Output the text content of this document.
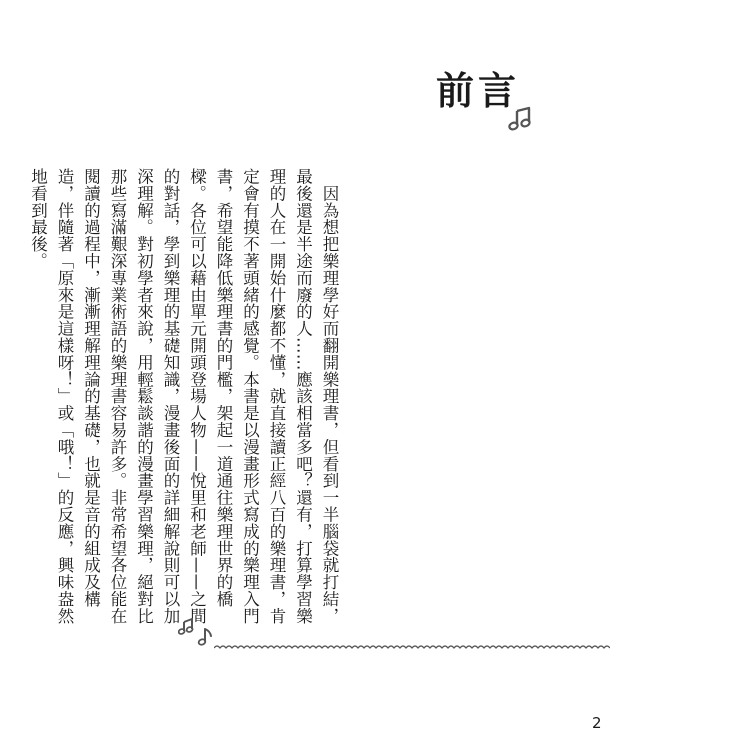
前言
　因為想把樂理學好而翻開樂理書，但看到一半腦袋就打結，最後還是半途而廢的人……應該相當多吧？還有，打算學習樂理的人在一開始什麼都不懂，就直接讀正經八百的樂理書，肯定會有摸不著頭緒的感覺。本書是以漫畫形式寫成的樂理入門書，希望能降低樂理書的門檻，架起一道通往樂理世界的橋樑。各位可以藉由單元開頭登場人物——悅里和老師——之間的對話，學到樂理的基礎知識，漫畫後面的詳細解說則可以加深理解。對初學者來說，用輕鬆談諧的漫畫學習樂理，絕對比那些寫滿艱深專業術語的樂理書容易許多。非常希望各位能在閱讀的過程中，漸漸理解理論的基礎，也就是音的組成及構造，伴隨著「原來是這樣呀！」或「哦！」的反應，興味盎然地看到最後。
2
